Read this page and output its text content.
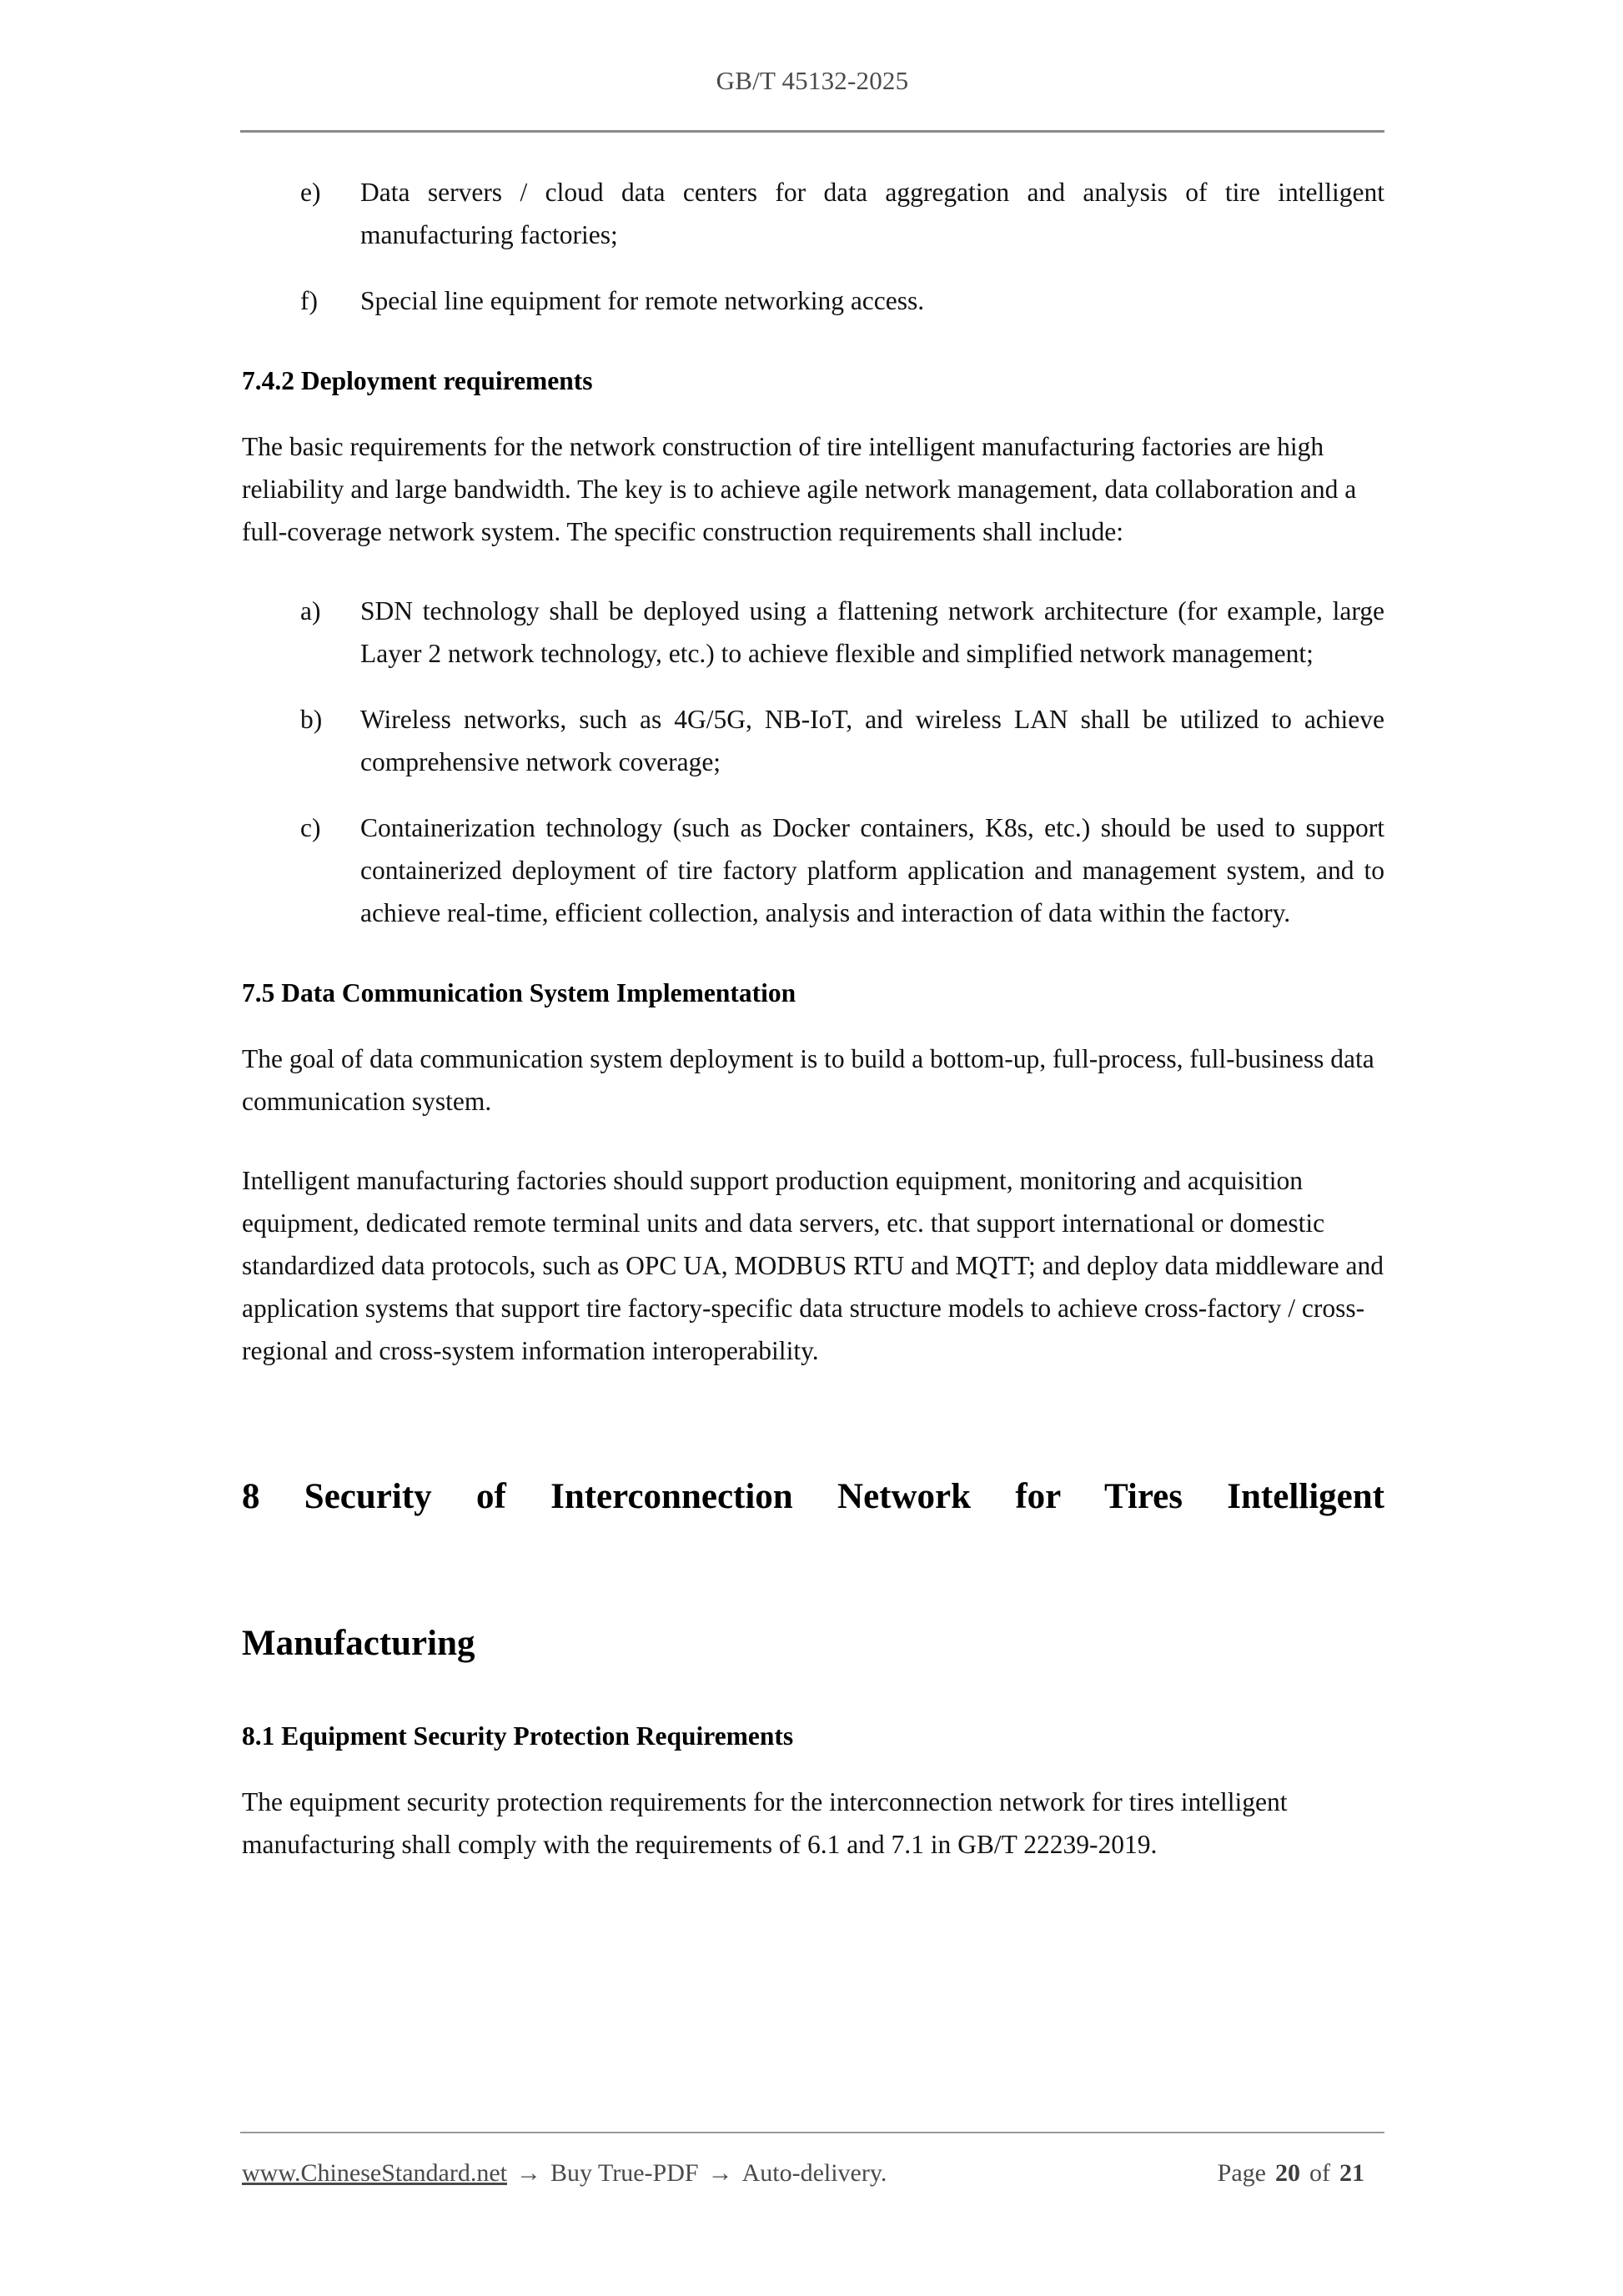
GB/T 45132-2025
e) Data servers / cloud data centers for data aggregation and analysis of tire intelligent manufacturing factories;
f) Special line equipment for remote networking access.
7.4.2 Deployment requirements

The basic requirements for the network construction of tire intelligent manufacturing factories are high reliability and large bandwidth. The key is to achieve agile network management, data collaboration and a full-coverage network system. The specific construction requirements shall include:

a) SDN technology shall be deployed using a flattening network architecture (for example, large Layer 2 network technology, etc.) to achieve flexible and simplified network management;
b) Wireless networks, such as 4G/5G, NB-IoT, and wireless LAN shall be utilized to achieve comprehensive network coverage;
c) Containerization technology (such as Docker containers, K8s, etc.) should be used to support containerized deployment of tire factory platform application and management system, and to achieve real-time, efficient collection, analysis and interaction of data within the factory.
7.5 Data Communication System Implementation

The goal of data communication system deployment is to build a bottom-up, full-process, full-business data communication system.

Intelligent manufacturing factories should support production equipment, monitoring and acquisition equipment, dedicated remote terminal units and data servers, etc. that support international or domestic standardized data protocols, such as OPC UA, MODBUS RTU and MQTT; and deploy data middleware and application systems that support tire factory-specific data structure models to achieve cross-factory / cross-regional and cross-system information interoperability.

8 Security of Interconnection Network for Tires Intelligent
Manufacturing
8.1 Equipment Security Protection Requirements

The equipment security protection requirements for the interconnection network for tires intelligent manufacturing shall comply with the requirements of 6.1 and 7.1 in GB/T 22239-2019.

www.ChineseStandard.net → Buy True-PDF → Auto-delivery.	Page 20 of 21
